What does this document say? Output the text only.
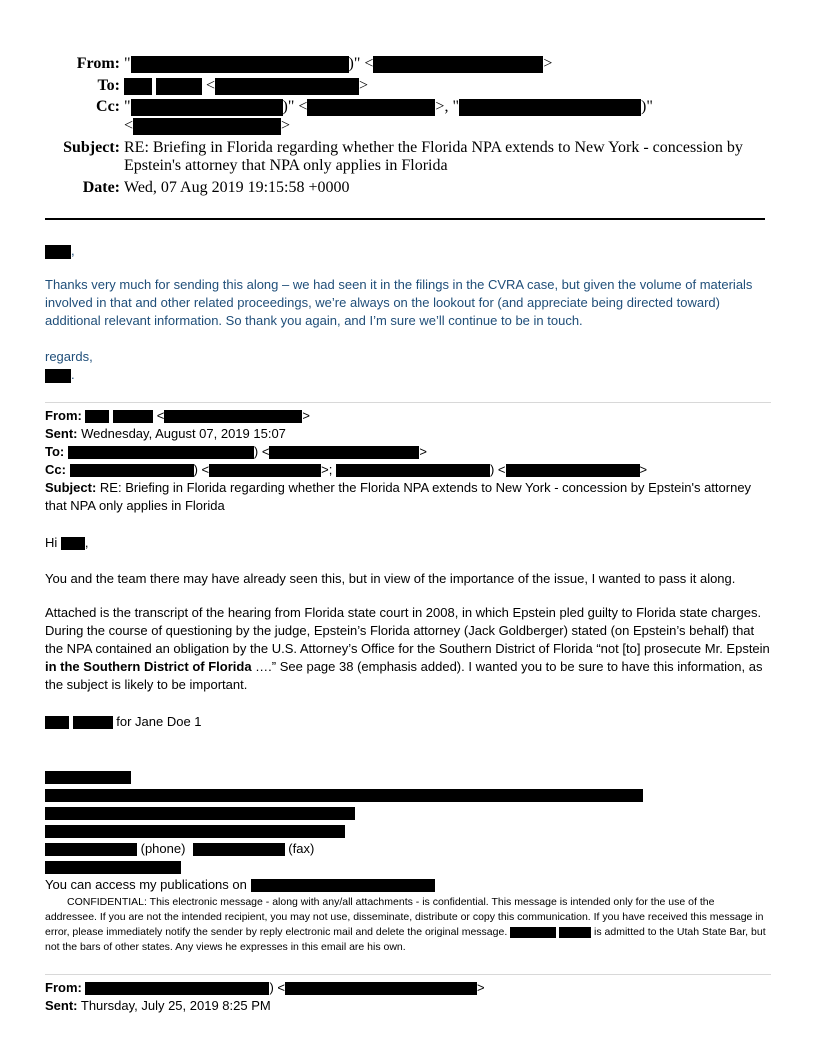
From: "	)" <	>
To:	<	>
Cc: "	)" <	>, "	)"
<	>
Subject: RE: Briefing in Florida regarding whether the Florida NPA extends to New York - concession by
Epstein's attorney that NPA only applies in Florida
Date: Wed, 07 Aug 2019 19:15:58 +0000
,
Thanks very much for sending this along – we had seen it in the filings in the CVRA case, but given the volume of materials involved in that and other related proceedings, we’re always on the lookout for (and appreciate being directed toward) additional relevant information. So thank you again, and I’m sure we’ll continue to be in touch.
regards,
.
From:	<	>
Sent: Wednesday, August 07, 2019 15:07
To:	) <	>
Cc:	) <	>;	) <	>
Subject: RE: Briefing in Florida regarding whether the Florida NPA extends to New York - concession by Epstein's attorney that NPA only applies in Florida
Hi ,
You and the team there may have already seen this, but in view of the importance of the issue, I wanted to pass it along.
Attached is the transcript of the hearing from Florida state court in 2008, in which Epstein pled guilty to Florida state charges. During the course of questioning by the judge, Epstein’s Florida attorney (Jack Goldberger) stated (on Epstein’s behalf) that the NPA contained an obligation by the U.S. Attorney’s Office for the Southern District of Florida “not [to] prosecute Mr. Epstein in the Southern District of Florida ….” See page 38 (emphasis added). I wanted you to be sure to have this information, as the subject is likely to be important.
for Jane Doe 1
(phone)	(fax)
You can access my publications on
CONFIDENTIAL: This electronic message - along with any/all attachments - is confidential. This message is intended only for the use of the addressee. If you are not the intended recipient, you may not use, disseminate, distribute or copy this communication. If you have received this message in error, please immediately notify the sender by reply electronic mail and delete the original message.	is admitted to the Utah State Bar, but not the bars of other states. Any views he expresses in this email are his own.
From:	) <	>
Sent: Thursday, July 25, 2019 8:25 PM
